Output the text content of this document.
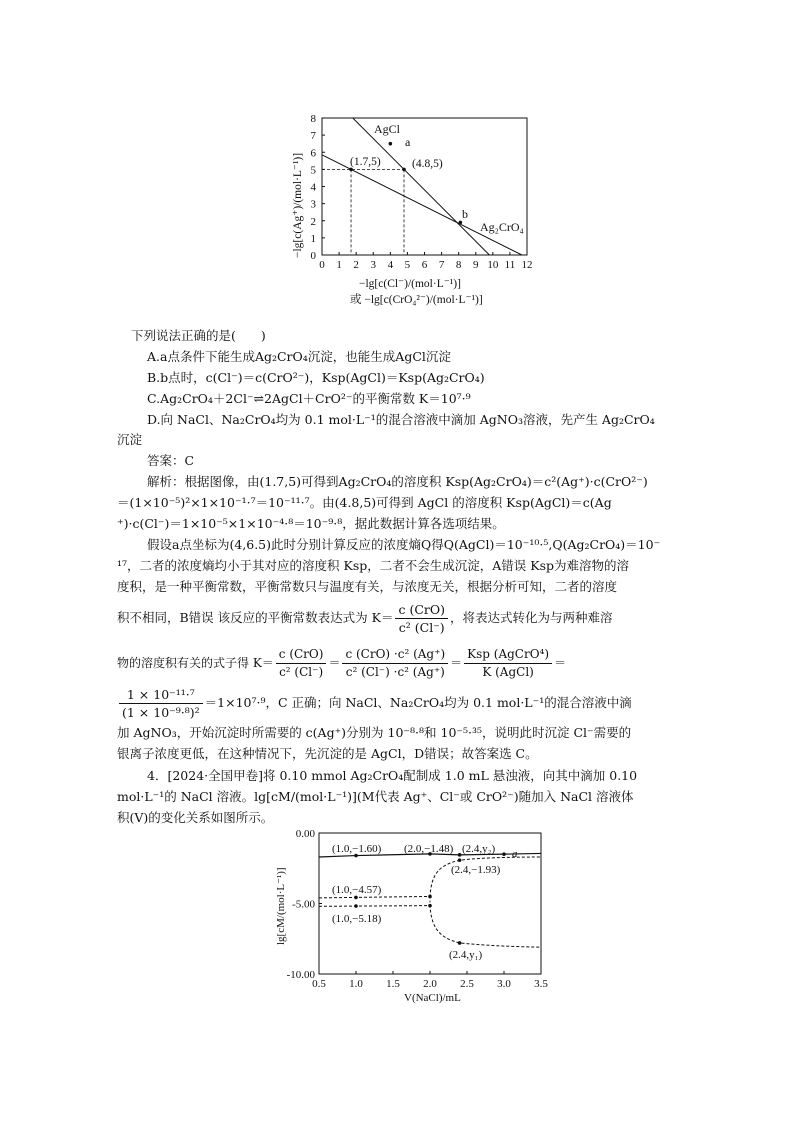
0 1 2 3 4 5 6 7 8 9 10 11 12
0
1
2
3
4
5
6
7
8
AgCl
a
(1.7,5)	(4.8,5)
b
Ag₂CrO₄
−lg[c(Ag⁺)/(mol·L⁻¹)]
−lg[c(Cl⁻)/(mol·L⁻¹)]
或 −lg[c(CrO₄²⁻)/(mol·L⁻¹)]
下列说法正确的是(　　)
A.a点条件下能生成Ag₂CrO₄沉淀，也能生成AgCl沉淀
B.b点时，c(Cl⁻)＝c(CrO²⁻)，Ksp(AgCl)＝Ksp(Ag₂CrO₄)
C.Ag₂CrO₄＋2Cl⁻⇌2AgCl＋CrO²⁻的平衡常数 K＝10⁷·⁹
D.向 NaCl、Na₂CrO₄均为 0.1 mol·L⁻¹的混合溶液中滴加 AgNO₃溶液，先产生 Ag₂CrO₄
沉淀
答案：C
解析：根据图像，由(1.7,5)可得到Ag₂CrO₄的溶度积 Ksp(Ag₂CrO₄)＝c²(Ag⁺)·c(CrO²⁻)
＝(1×10⁻⁵)²×1×10⁻¹·⁷＝10⁻¹¹·⁷。由(4.8,5)可得到 AgCl 的溶度积 Ksp(AgCl)＝c(Ag
⁺)·c(Cl⁻)＝1×10⁻⁵×1×10⁻⁴·⁸＝10⁻⁹·⁸，据此数据计算各选项结果。
假设a点坐标为(4,6.5)此时分别计算反应的浓度熵Q得Q(AgCl)＝10⁻¹⁰·⁵,Q(Ag₂CrO₄)＝10⁻
¹⁷，二者的浓度熵均小于其对应的溶度积 Ksp，二者不会生成沉淀，A错误 Ksp为难溶物的溶
度积，是一种平衡常数，平衡常数只与温度有关，与浓度无关，根据分析可知，二者的溶度
积不相同，B错误 该反应的平衡常数表达式为 $K= \frac{\text{c (CrO)}}{\text{c² (Cl⁻)}}$ ，将表达式转化为与两种难溶
物的溶度积有关的式子得 $K= \frac{\text{c (CrO)}}{\text{c² (Cl⁻)}} = \frac{\text{c (CrO) ·c² (Ag⁺)}}{\text{c² (Cl⁻) ·c² (Ag⁺)}} = \frac{\text{Ksp (AgCrO⁴)}}{\text{K (AgCl)}}$ ＝
$\frac{\text{1 × 10⁻¹¹·⁷}}{\text{(1 × 10⁻⁹·⁸)²}} =1\times 10^7\cdot^9$，C 正确；向 NaCl、Na₂CrO₄均为 0.1 mol·L⁻¹的混合溶液中滴
加 AgNO₃，开始沉淀时所需要的 c(Ag⁺)分别为 10⁻⁸·⁸和 10⁻⁵·³⁵，说明此时沉淀 Cl⁻需要的
银离子浓度更低，在这种情况下，先沉淀的是 AgCl，D错误；故答案选 C。
4．[2024·全国甲卷]将 0.10 mmol Ag₂CrO₄配制成 1.0 mL 悬浊液，向其中滴加 0.10
mol·L⁻¹的 NaCl 溶液。lg[cM/(mol·L⁻¹)](M代表 Ag⁺、Cl⁻或 CrO²⁻)随加入 NaCl 溶液体
积(V)的变化关系如图所示。
0.5 1.0 1.5 2.0 2.5 3.0 3.5
0.00
-5.00
-10.00
(1.0,−1.60) (2.0,−1.48) (2.4,y₂) a
(2.4,−1.93)
(1.0,−4.57)
(1.0,−5.18)
(2.4,y₁)
lg[cM/(mol·L⁻¹)]
V(NaCl)/mL
